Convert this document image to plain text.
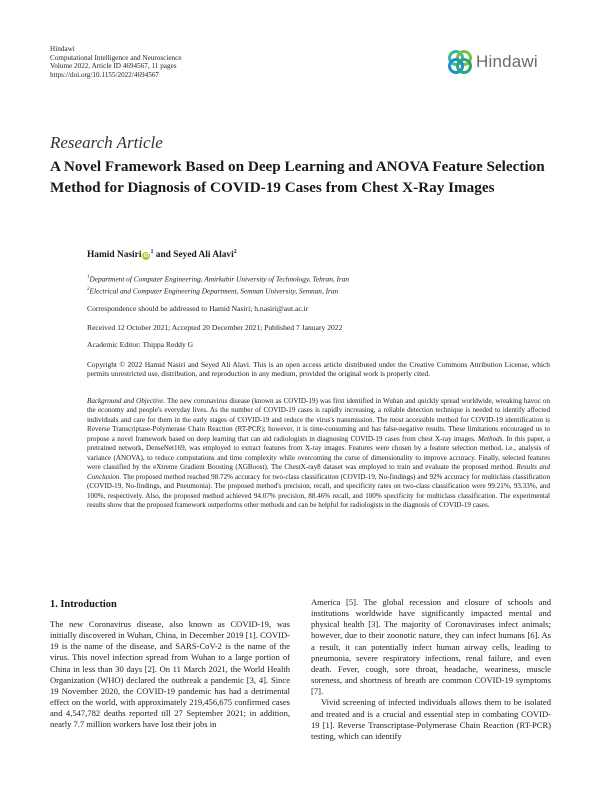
Hindawi
Computational Intelligence and Neuroscience
Volume 2022, Article ID 4694567, 11 pages
https://doi.org/10.1155/2022/4694567
Hindawi
Research Article
A Novel Framework Based on Deep Learning and ANOVA Feature Selection Method for Diagnosis of COVID-19 Cases from Chest X-Ray Images
Hamid Nasiri $iD^1$ and Seyed Ali Alavi$^2$
$^1$Department of Computer Engineering, Amirkabir University of Technology, Tehran, Iran
$^2$Electrical and Computer Engineering Department, Semnan University, Semnan, Iran
Correspondence should be addressed to Hamid Nasiri; h.nasiri@aut.ac.ir
Received 12 October 2021; Accepted 20 December 2021; Published 7 January 2022
Academic Editor: Thippa Reddy G
Copyright © 2022 Hamid Nasiri and Seyed Ali Alavi. This is an open access article distributed under the Creative Commons Attribution License, which permits unrestricted use, distribution, and reproduction in any medium, provided the original work is properly cited.
Background and Objective. The new coronavirus disease (known as COVID-19) was first identified in Wuhan and quickly spread worldwide, wreaking havoc on the economy and people's everyday lives. As the number of COVID-19 cases is rapidly increasing, a reliable detection technique is needed to identify affected individuals and care for them in the early stages of COVID-19 and reduce the virus's transmission. The most accessible method for COVID-19 identification is Reverse Transcriptase-Polymerase Chain Reaction (RT-PCR); however, it is time-consuming and has false-negative results. These limitations encouraged us to propose a novel framework based on deep learning that can aid radiologists in diagnosing COVID-19 cases from chest X-ray images. Methods. In this paper, a pretrained network, DenseNet169, was employed to extract features from X-ray images. Features were chosen by a feature selection method, i.e., analysis of variance (ANOVA), to reduce computations and time complexity while overcoming the curse of dimensionality to improve accuracy. Finally, selected features were classified by the eXtreme Gradient Boosting (XGBoost). The ChestX-ray8 dataset was employed to train and evaluate the proposed method. Results and Conclusion. The proposed method reached 98.72% accuracy for two-class classification (COVID-19, No-findings) and 92% accuracy for multiclass classification (COVID-19, No-findings, and Pneumonia). The proposed method's precision, recall, and specificity rates on two-class classification were 99.21%, 93.33%, and 100%, respectively. Also, the proposed method achieved 94.07% precision, 88.46% recall, and 100% specificity for multiclass classification. The experimental results show that the proposed framework outperforms other methods and can be helpful for radiologists in the diagnosis of COVID-19 cases.
1. Introduction

The new Coronavirus disease, also known as COVID-19, was initially discovered in Wuhan, China, in December 2019 [1]. COVID-19 is the name of the disease, and SARS-CoV-2 is the name of the virus. This novel infection spread from Wuhan to a large portion of China in less than 30 days [2]. On 11 March 2021, the World Health Organization (WHO) declared the outbreak a pandemic [3, 4]. Since 19 November 2020, the COVID-19 pandemic has had a detrimental effect on the world, with approximately 219,456,675 confirmed cases and 4,547,782 deaths reported till 27 September 2021; in addition, nearly 7.7 million workers have lost their jobs in

America [5]. The global recession and closure of schools and institutions worldwide have significantly impacted mental and physical health [3]. The majority of Coronaviruses infect animals; however, due to their zoonotic nature, they can infect humans [6]. As a result, it can potentially infect human airway cells, leading to pneumonia, severe respiratory infections, renal failure, and even death. Fever, cough, sore throat, headache, weariness, muscle soreness, and shortness of breath are common COVID-19 symptoms [7].

Vivid screening of infected individuals allows them to be isolated and treated and is a crucial and essential step in combating COVID-19 [1]. Reverse Transcriptase-Polymerase Chain Reaction (RT-PCR) testing, which can identify
